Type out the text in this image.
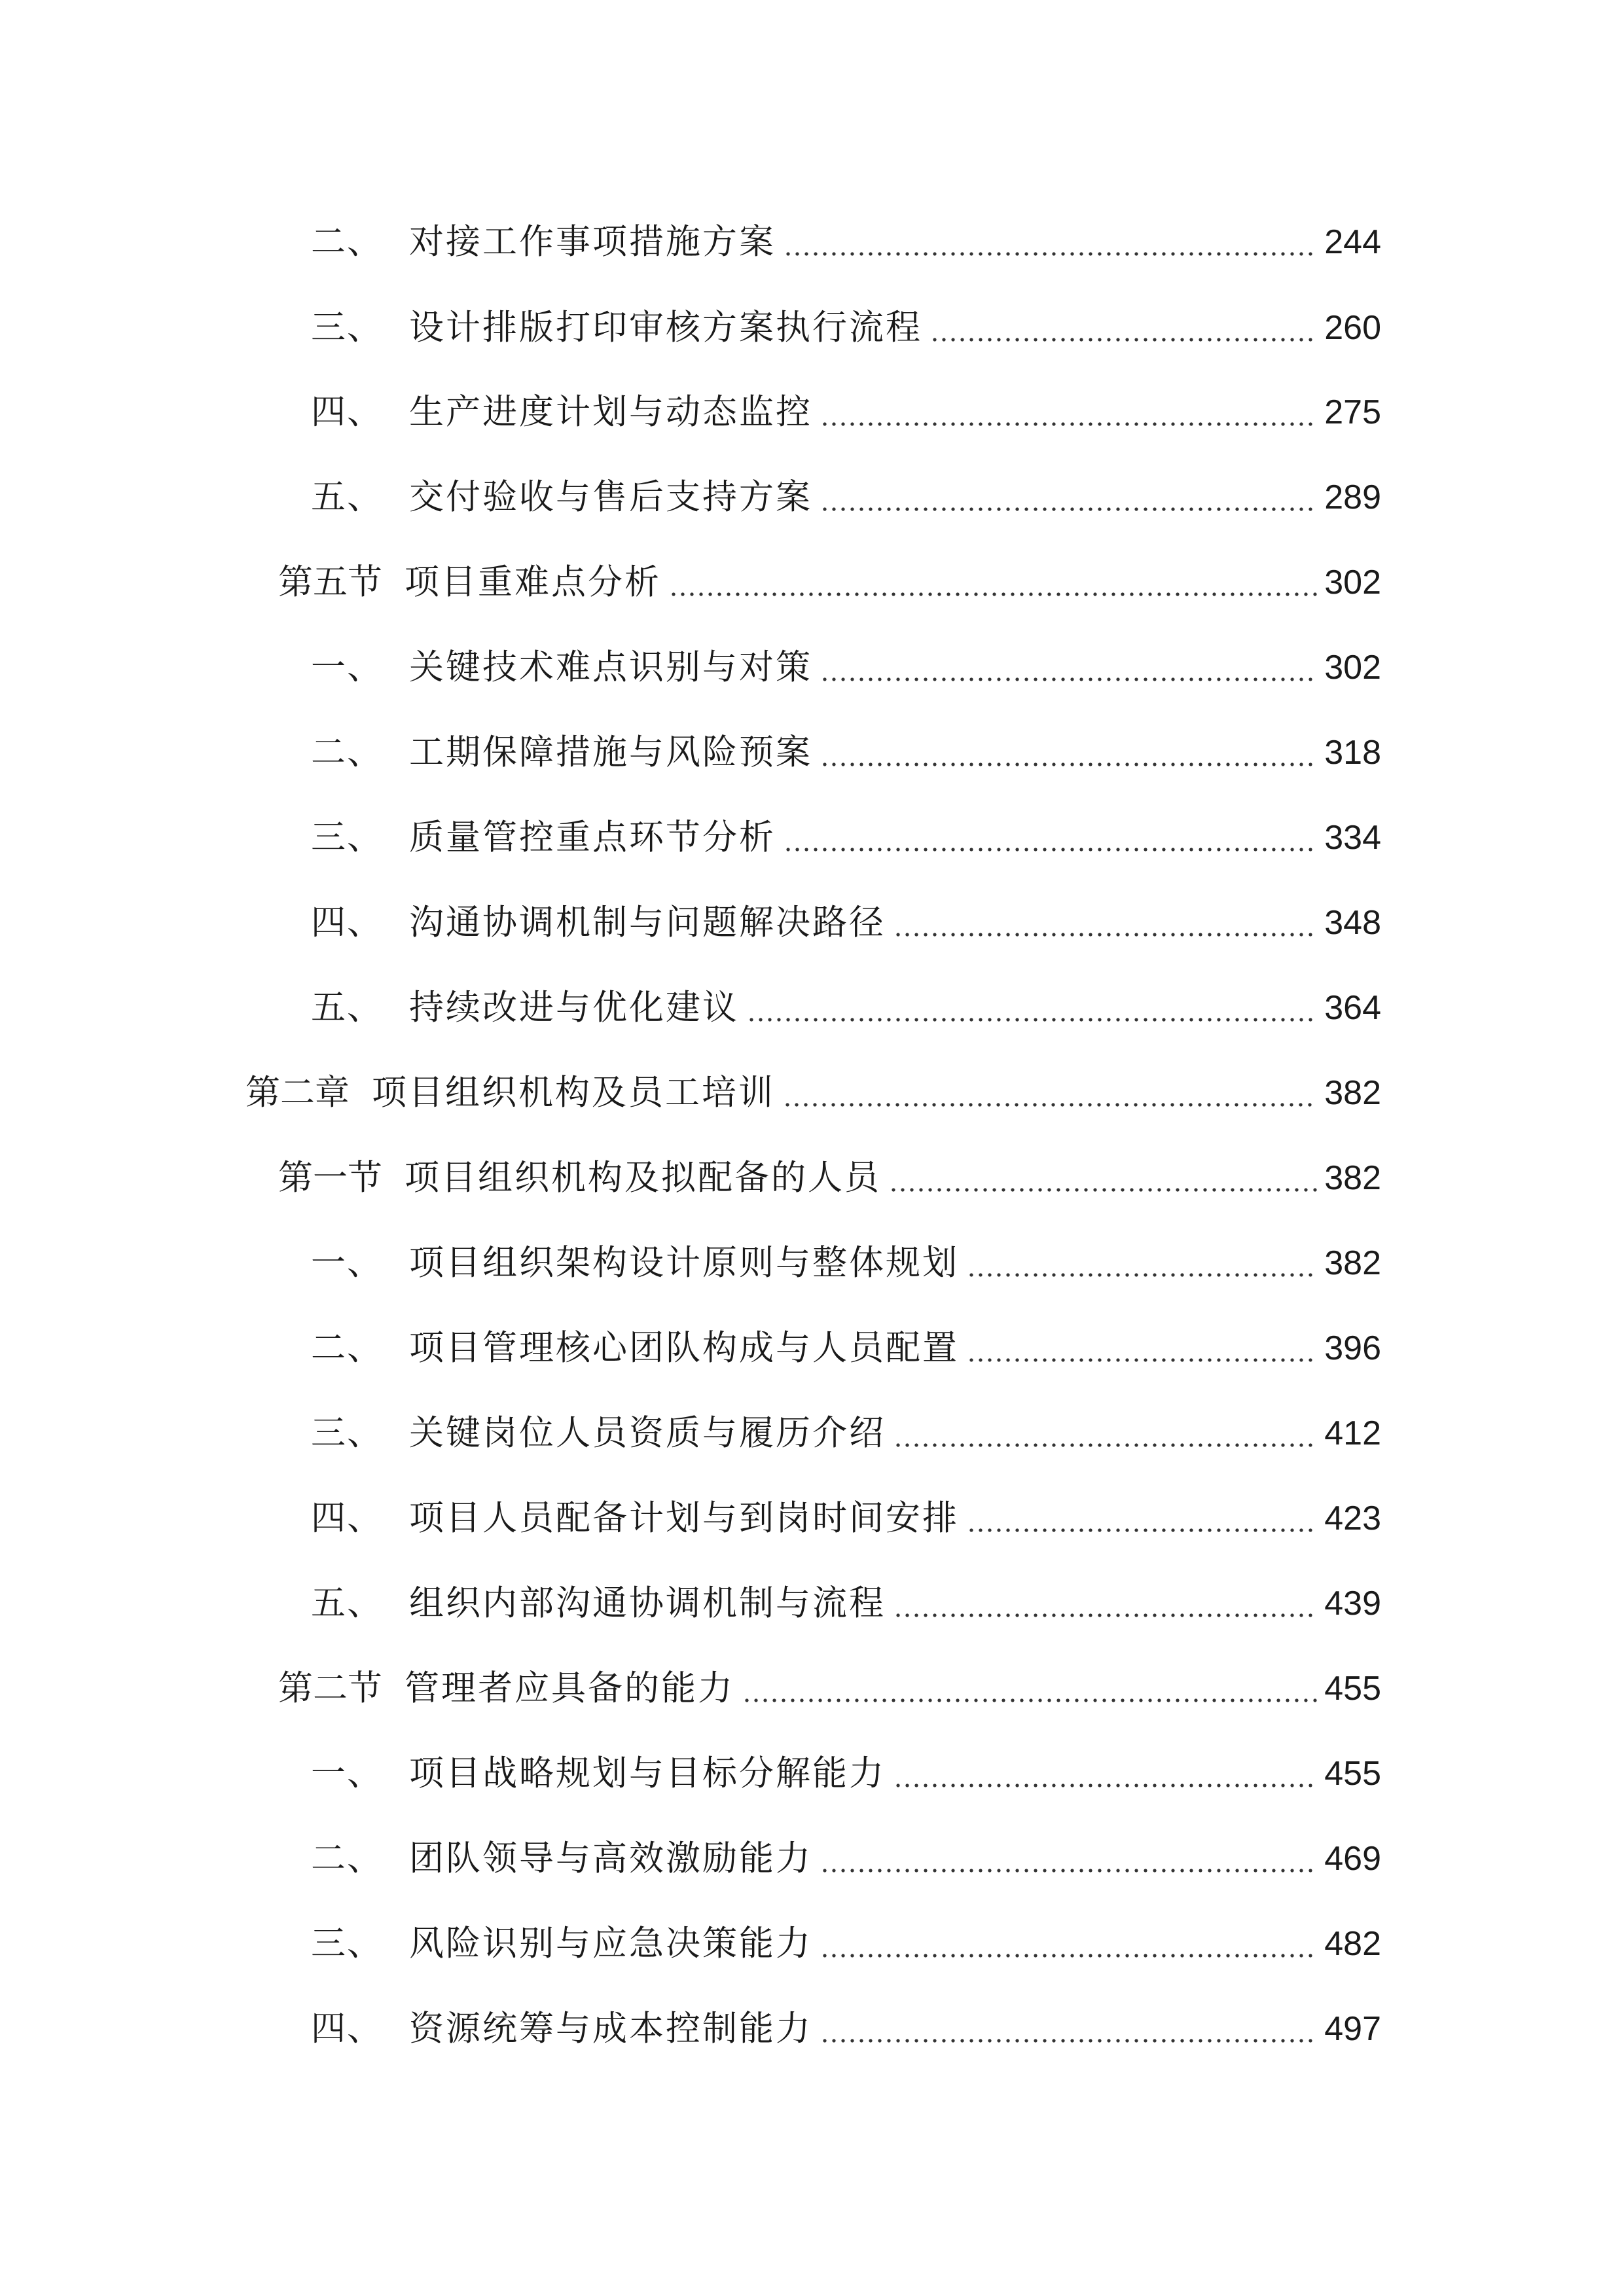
二、 对接工作事项措施方案	244
三、 设计排版打印审核方案执行流程	260
四、 生产进度计划与动态监控	275
五、 交付验收与售后支持方案	289
第五节 项目重难点分析	302
一、 关键技术难点识别与对策	302
二、 工期保障措施与风险预案	318
三、 质量管控重点环节分析	334
四、 沟通协调机制与问题解决路径	348
五、 持续改进与优化建议	364
第二章 项目组织机构及员工培训	382
第一节 项目组织机构及拟配备的人员	382
一、 项目组织架构设计原则与整体规划	382
二、 项目管理核心团队构成与人员配置	396
三、 关键岗位人员资质与履历介绍	412
四、 项目人员配备计划与到岗时间安排	423
五、 组织内部沟通协调机制与流程	439
第二节 管理者应具备的能力	455
一、 项目战略规划与目标分解能力	455
二、 团队领导与高效激励能力	469
三、 风险识别与应急决策能力	482
四、 资源统筹与成本控制能力	497
